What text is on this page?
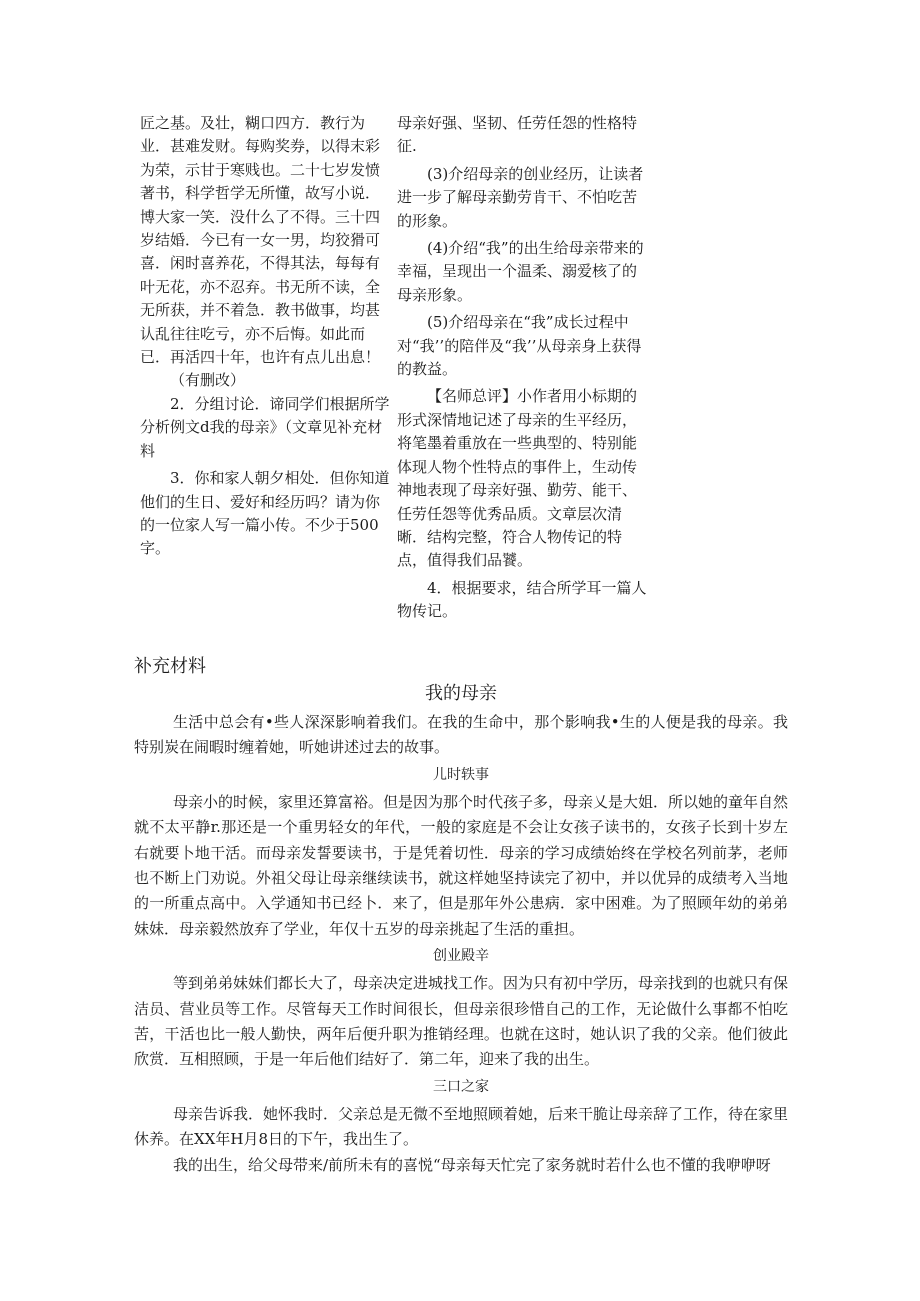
匠之基。及壮，糊口四方．教行为业．甚难发财。每购奖券，以得末彩为荣，示甘于寒贱也。二十七岁发愤著书，科学哲学无所懂，故写小说．博大家一笑．没什么了不得。三十四岁结婚．今已有一女一男，均狡猾可喜．闲时喜养花，不得其法，每每有叶无花，亦不忍弃。书无所不读，全无所获，并不着急．教书做事，均甚认乱往往吃亏，亦不后悔。如此而已．再活四十年，也许有点儿出息！

（有删改）

2．分组讨论．谛同学们根据所学分析例文d我的母亲》（文章见补充材料

3．你和家人朝夕相处．但你知道他们的生日、爱好和经历吗？请为你的一位家人写一篇小传。不少于500字。

母亲好强、坚韧、任劳任怨的性格特征.

(3)介绍母亲的创业经历，让读者进一步了解母亲勤劳肯干、不怕吃苦的形象。

(4)介绍“我”的出生给母亲带来的幸福，呈现出一个温柔、溺爱核了的母亲形象。

(5)介绍母亲在“我”成长过程中对“我’’的陪伴及“我’’从母亲身上获得的教益。

【名师总评】小作者用小标期的形式深情地记述了母亲的生平经历，将笔墨着重放在一些典型的、特别能体现人物个性特点的事件上，生动传神地表现了母亲好强、勤劳、能干、任劳任怨等优秀品质。文章层次清晰．结构完整，符合人物传记的特点，值得我们品饕。

4．根据要求，结合所学耳一篇人物传记。

补充材料

我的母亲

生活中总会有•些人深深影响着我们。在我的生命中，那个影响我•生的人便是我的母亲。我特别炭在闹暇时缠着她，听她讲述过去的故事。

儿时轶事

母亲小的时候，家里还算富裕。但是因为那个时代孩子多，母亲乂是大姐．所以她的童年自然就不太平静r.那还是一个重男轻女的年代，一般的家庭是不会让女孩子读书的，女孩子长到十岁左右就要卜地干活。而母亲发誓要读书，于是凭着切性．母亲的学习成绩始终在学校名列前茅，老师也不断上门劝说。外祖父母让母亲继续读书，就这样她坚持读完了初中，并以优异的成绩考入当地的一所重点高中。入学通知书已经卜．来了，但是那年外公患病．家中困难。为了照顾年幼的弟弟妹妹．母亲毅然放弃了学业，年仅十五岁的母亲挑起了生活的重担。

创业殿辛

等到弟弟妹妹们都长大了，母亲决定进城找工作。因为只有初中学历，母亲找到的也就只有保洁员、营业员等工作。尽管每天工作时间很长，但母亲很珍惜自己的工作，无论做什么事都不怕吃苦，干活也比一般人勤快，两年后便升职为推销经理。也就在这时，她认识了我的父亲。他们彼此欣赏．互相照顾，于是一年后他们结好了．第二年，迎来了我的出生。

三口之家

母亲告诉我．她怀我时．父亲总是无微不至地照顾着她，后来干脆让母亲辞了工作，待在家里休养。在XX年H月8日的下午，我出生了。

我的出生，给父母带来/前所未有的喜悦“母亲每天忙完了家务就时若什么也不懂的我咿咿呀
